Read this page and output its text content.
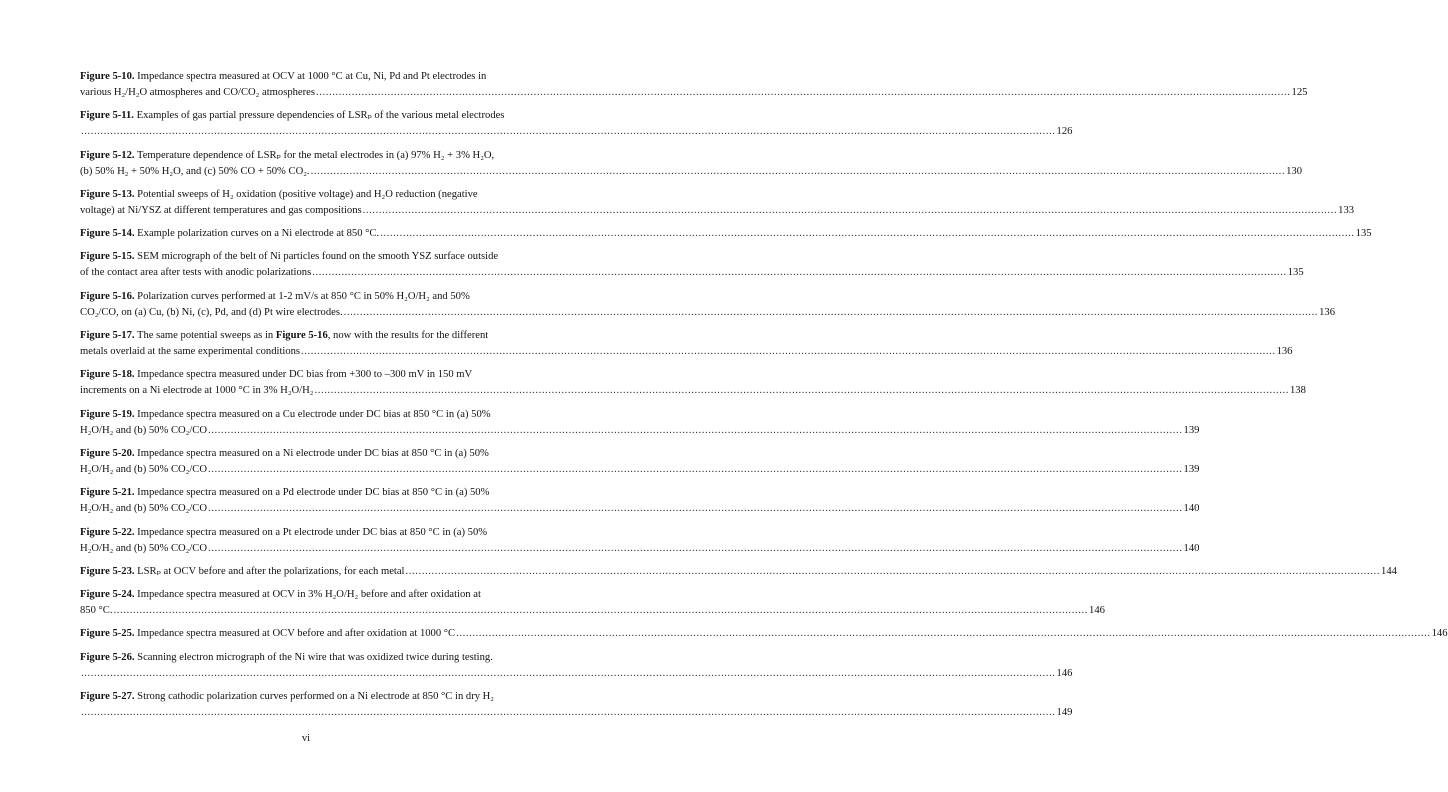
Figure 5-10. Impedance spectra measured at OCV at 1000 °C at Cu, Ni, Pd and Pt electrodes in
various H₂/H₂O atmospheres and CO/CO₂ atmospheres ............................................................................................................................................................................................................................................................................................................ 125
Figure 5-11. Examples of gas partial pressure dependencies of LSRₚ of the various metal electrodes
............................................................................................................................................................................................................................................................................................................ 126
Figure 5-12. Temperature dependence of LSRₚ for the metal electrodes in (a) 97% H₂ + 3% H₂O,
(b) 50% H₂ + 50% H₂O, and (c) 50% CO + 50% CO₂. ............................................................................................................................................................................................................................................................................................................ 130
Figure 5-13. Potential sweeps of H₂ oxidation (positive voltage) and H₂O reduction (negative
voltage) at Ni/YSZ at different temperatures and gas compositions ............................................................................................................................................................................................................................................................................................................ 133
Figure 5-14. Example polarization curves on a Ni electrode at 850 °C. ............................................................................................................................................................................................................................................................................................................ 135
Figure 5-15. SEM micrograph of the belt of Ni particles found on the smooth YSZ surface outside
of the contact area after tests with anodic polarizations ............................................................................................................................................................................................................................................................................................................ 135
Figure 5-16. Polarization curves performed at 1-2 mV/s at 850 °C in 50% H₂O/H₂ and 50%
CO₂/CO, on (a) Cu, (b) Ni, (c), Pd, and (d) Pt wire electrodes. ............................................................................................................................................................................................................................................................................................................ 136
Figure 5-17. The same potential sweeps as in Figure 5-16, now with the results for the different
metals overlaid at the same experimental conditions ............................................................................................................................................................................................................................................................................................................ 136
Figure 5-18. Impedance spectra measured under DC bias from +300 to –300 mV in 150 mV
increments on a Ni electrode at 1000 °C in 3% H₂O/H₂ ............................................................................................................................................................................................................................................................................................................ 138
Figure 5-19. Impedance spectra measured on a Cu electrode under DC bias at 850 °C in (a) 50%
H₂O/H₂ and (b) 50% CO₂/CO ............................................................................................................................................................................................................................................................................................................ 139
Figure 5-20. Impedance spectra measured on a Ni electrode under DC bias at 850 °C in (a) 50%
H₂O/H₂ and (b) 50% CO₂/CO ............................................................................................................................................................................................................................................................................................................ 139
Figure 5-21. Impedance spectra measured on a Pd electrode under DC bias at 850 °C in (a) 50%
H₂O/H₂ and (b) 50% CO₂/CO ............................................................................................................................................................................................................................................................................................................ 140
Figure 5-22. Impedance spectra measured on a Pt electrode under DC bias at 850 °C in (a) 50%
H₂O/H₂ and (b) 50% CO₂/CO ............................................................................................................................................................................................................................................................................................................ 140
Figure 5-23. LSRₚ at OCV before and after the polarizations, for each metal ............................................................................................................................................................................................................................................................................................................ 144
Figure 5-24. Impedance spectra measured at OCV in 3% H₂O/H₂ before and after oxidation at
850 °C. ............................................................................................................................................................................................................................................................................................................ 146
Figure 5-25. Impedance spectra measured at OCV before and after oxidation at 1000 °C ............................................................................................................................................................................................................................................................................................................ 146
Figure 5-26. Scanning electron micrograph of the Ni wire that was oxidized twice during testing.
............................................................................................................................................................................................................................................................................................................ 146
Figure 5-27. Strong cathodic polarization curves performed on a Ni electrode at 850 °C in dry H₂
............................................................................................................................................................................................................................................................................................................ 149
vi
